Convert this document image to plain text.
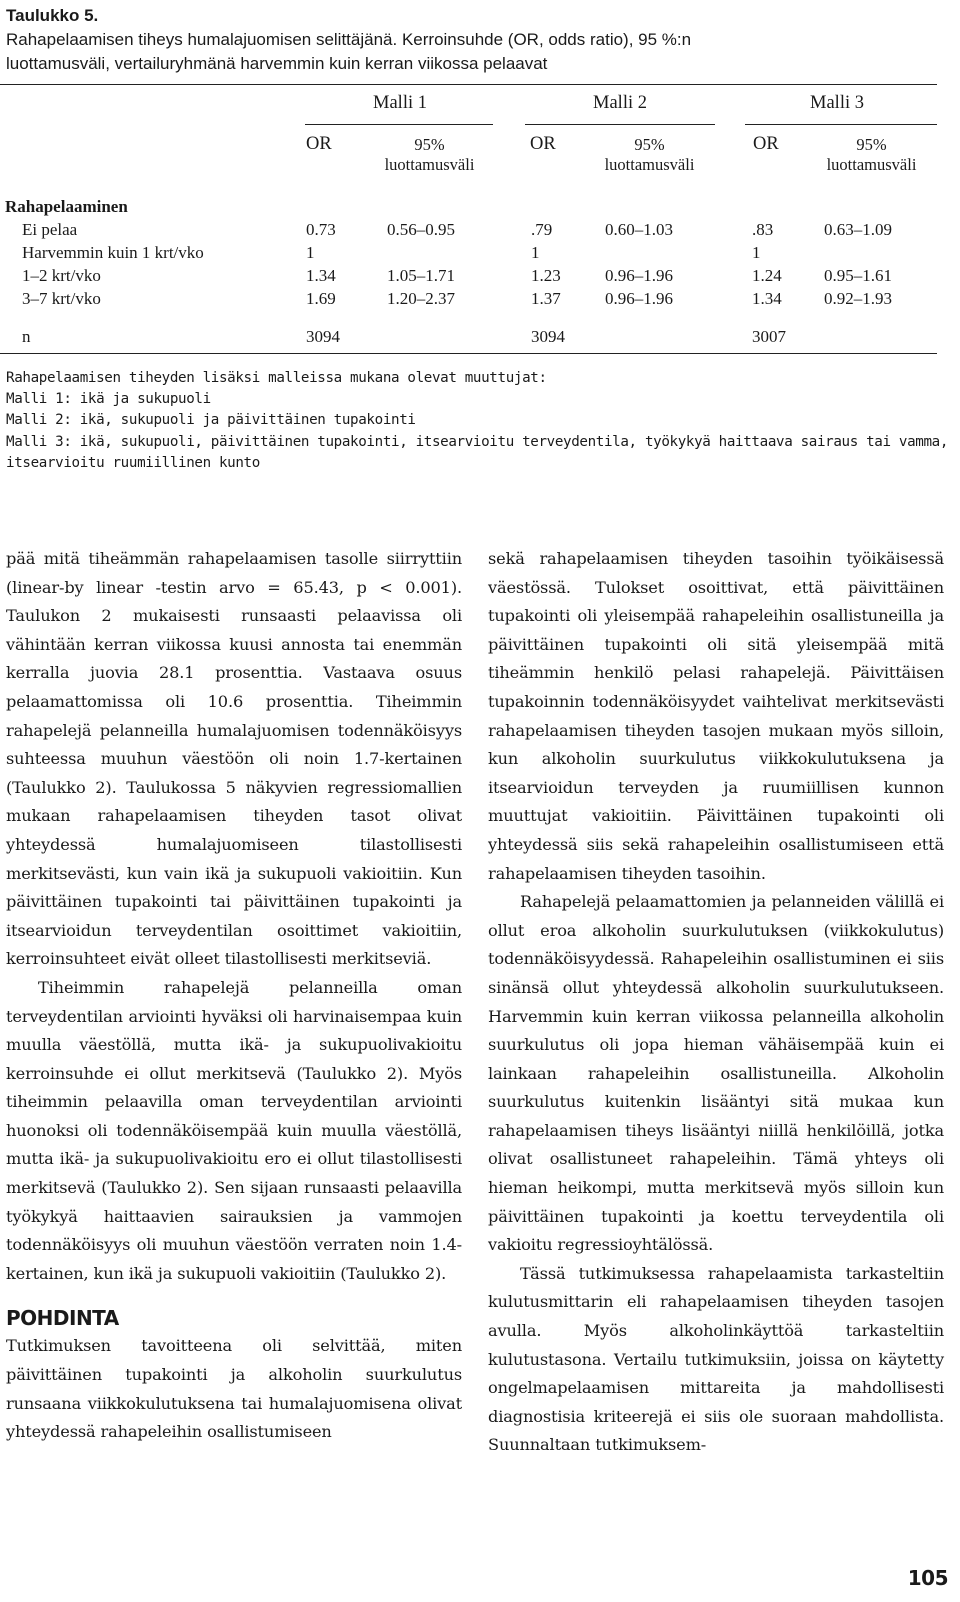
Taulukko 5.
Rahapelaamisen tiheys humalajuomisen selittäjänä. Kerroinsuhde (OR, odds ratio), 95 %:n
luottamusväli, vertailuryhmänä harvemmin kuin kerran viikossa pelaavat
Malli 1	Malli 2	Malli 3
OR	95%
luottamusväli
OR	95%
luottamusväli
OR	95%
luottamusväli
Rahapelaaminen
Ei pelaa	0.73	0.56–0.95	.79	0.60–1.03	.83	0.63–1.09
Harvemmin kuin 1 krt/vko	1	1	1
1–2 krt/vko	1.34	1.05–1.71	1.23	0.96–1.96	1.24 0.95–1.61
3–7 krt/vko	1.69	1.20–2.37	1.37	0.96–1.96	1.34 0.92–1.93
n	3094	3094	3007
Rahapelaamisen tiheyden lisäksi malleissa mukana olevat muuttujat:
Malli 1: ikä ja sukupuoli
Malli 2: ikä, sukupuoli ja päivittäinen tupakointi
Malli 3: ikä, sukupuoli, päivittäinen tupakointi, itsearvioitu terveydentila, työkykyä haittaava sairaus tai vamma, itsearvioitu ruumiillinen kunto

pää mitä tiheämmän rahapelaamisen tasolle siirryttiin (linear-by linear -testin arvo = 65.43, p < 0.001). Taulukon 2 mukaisesti runsaasti pelaavissa oli vähintään kerran viikossa kuusi annosta tai enemmän kerralla juovia 28.1 prosenttia. Vastaava osuus pelaamattomissa oli 10.6 prosenttia. Tiheimmin rahapelejä pelanneilla humalajuomisen todennäköisyys suhteessa muuhun väestöön oli noin 1.7-kertainen (Taulukko 2). Taulukossa 5 näkyvien regressiomallien mukaan rahapelaamisen tiheyden tasot olivat yhteydessä humalajuomiseen tilastollisesti merkitsevästi, kun vain ikä ja sukupuoli vakioitiin. Kun päivittäinen tupakointi tai päivittäinen tupakointi ja itsearvioidun terveydentilan osoittimet vakioitiin, kerroinsuhteet eivät olleet tilastollisesti merkitseviä.

Tiheimmin rahapelejä pelanneilla oman terveydentilan arviointi hyväksi oli harvinaisempaa kuin muulla väestöllä, mutta ikä- ja sukupuolivakioitu kerroinsuhde ei ollut merkitsevä (Taulukko 2). Myös tiheimmin pelaavilla oman terveydentilan arviointi huonoksi oli todennäköisempää kuin muulla väestöllä, mutta ikä- ja sukupuolivakioitu ero ei ollut tilastollisesti merkitsevä (Taulukko 2). Sen sijaan runsaasti pelaavilla työkykyä haittaavien sairauksien ja vammojen todennäköisyys oli muuhun väestöön verraten noin 1.4-kertainen, kun ikä ja sukupuoli vakioitiin (Taulukko 2).

POHDINTA

Tutkimuksen tavoitteena oli selvittää, miten päivittäinen tupakointi ja alkoholin suurkulutus runsaana viikkokulutuksena tai humalajuomisena olivat yhteydessä rahapeleihin osallistumiseen

sekä rahapelaamisen tiheyden tasoihin työikäisessä väestössä. Tulokset osoittivat, että päivittäinen tupakointi oli yleisempää rahapeleihin osallistuneilla ja päivittäinen tupakointi oli sitä yleisempää mitä tiheämmin henkilö pelasi rahapelejä. Päivittäisen tupakoinnin todennäköisyydet vaihtelivat merkitsevästi rahapelaamisen tiheyden tasojen mukaan myös silloin, kun alkoholin suurkulutus viikkokulutuksena ja itsearvioidun terveyden ja ruumiillisen kunnon muuttujat vakioitiin. Päivittäinen tupakointi oli yhteydessä siis sekä rahapeleihin osallistumiseen että rahapelaamisen tiheyden tasoihin.

Rahapelejä pelaamattomien ja pelanneiden välillä ei ollut eroa alkoholin suurkulutuksen (viikkokulutus) todennäköisyydessä. Rahapeleihin osallistuminen ei siis sinänsä ollut yhteydessä alkoholin suurkulutukseen. Harvemmin kuin kerran viikossa pelanneilla alkoholin suurkulutus oli jopa hieman vähäisempää kuin ei lainkaan rahapeleihin osallistuneilla. Alkoholin suurkulutus kuitenkin lisääntyi sitä mukaa kun rahapelaamisen tiheys lisääntyi niillä henkilöillä, jotka olivat osallistuneet rahapeleihin. Tämä yhteys oli hieman heikompi, mutta merkitsevä myös silloin kun päivittäinen tupakointi ja koettu terveydentila oli vakioitu regressioyhtälössä.

Tässä tutkimuksessa rahapelaamista tarkasteltiin kulutusmittarin eli rahapelaamisen tiheyden tasojen avulla. Myös alkoholinkäyttöä tarkasteltiin kulutustasona. Vertailu tutkimuksiin, joissa on käytetty ongelmapelaamisen mittareita ja mahdollisesti diagnostisia kriteerejä ei siis ole suoraan mahdollista. Suunnaltaan tutkimuksem-

105
